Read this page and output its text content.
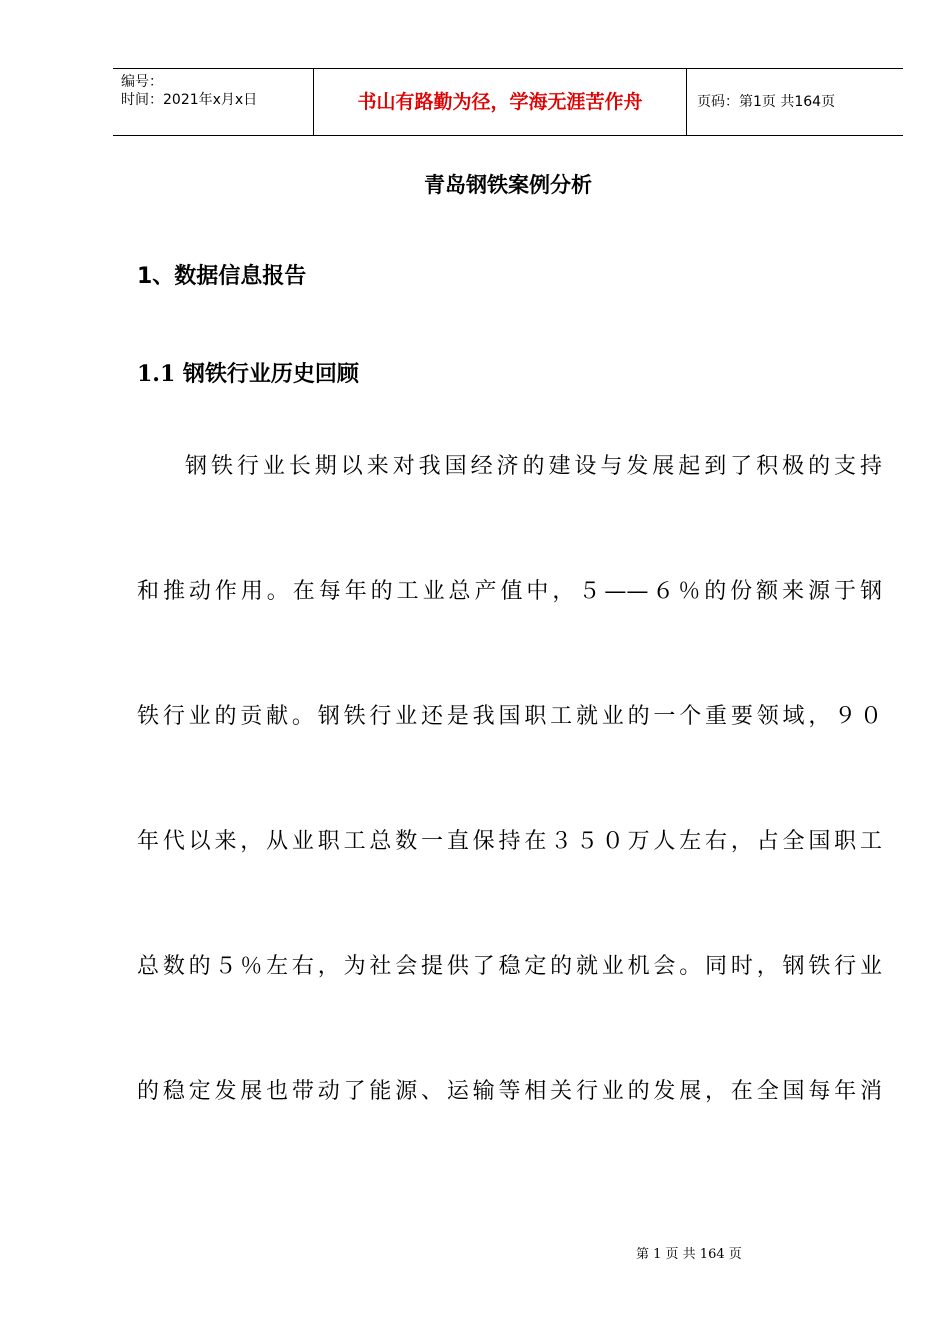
编号：
时间：2021年x月x日	书山有路勤为径，学海无涯苦作舟	页码：第1页 共164页
青岛钢铁案例分析
1、数据信息报告
1.1 钢铁行业历史回顾
钢铁行业长期以来对我国经济的建设与发展起到了积极的支持
和推动作用。在每年的工业总产值中，５——６％的份额来源于钢
铁行业的贡献。钢铁行业还是我国职工就业的一个重要领域，９０
年代以来，从业职工总数一直保持在３５０万人左右，占全国职工
总数的５％左右，为社会提供了稳定的就业机会。同时，钢铁行业
的稳定发展也带动了能源、运输等相关行业的发展，在全国每年消
第 1 页 共 164 页
